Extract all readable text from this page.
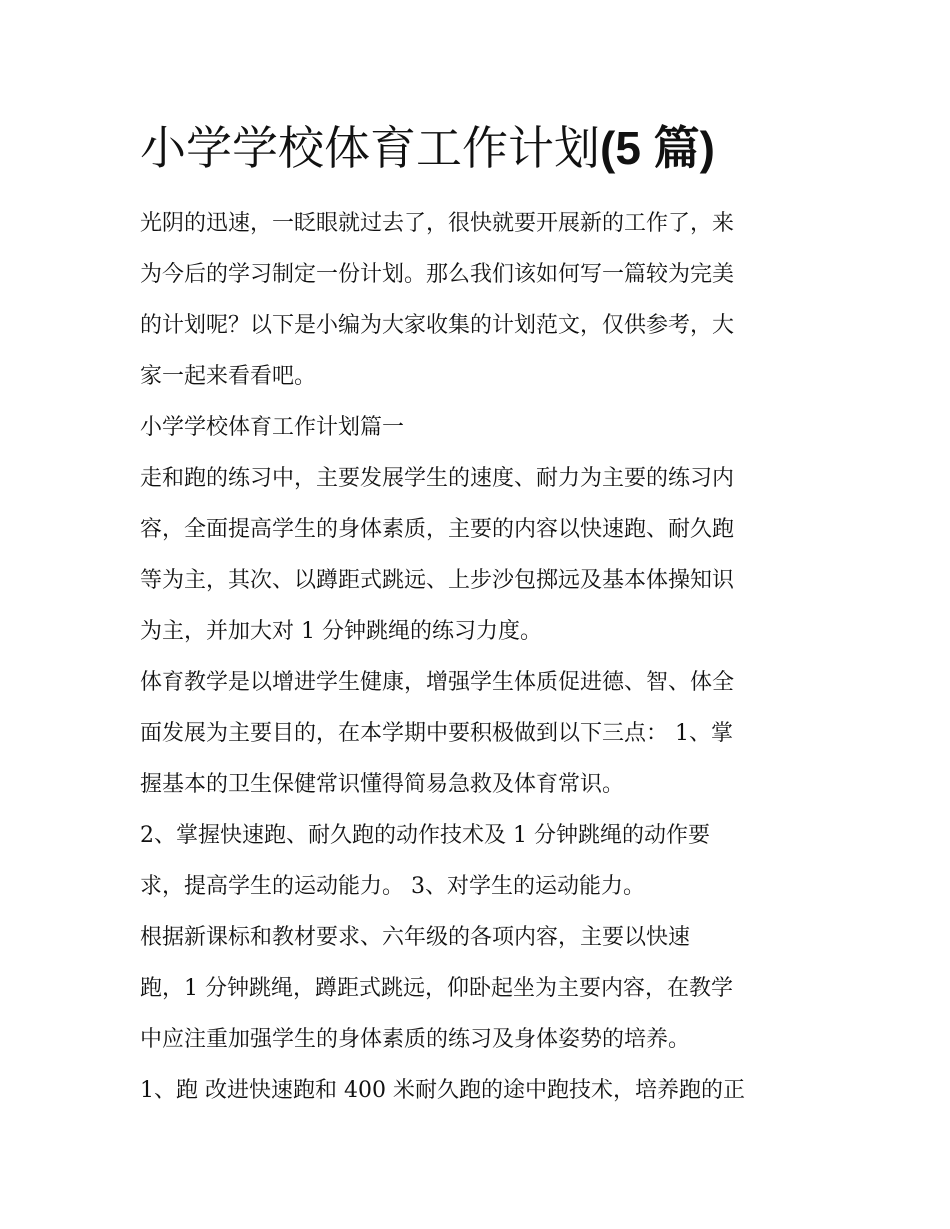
小学学校体育工作计划(5 篇)
光阴的迅速，一眨眼就过去了，很快就要开展新的工作了，来
为今后的学习制定一份计划。那么我们该如何写一篇较为完美
的计划呢？以下是小编为大家收集的计划范文，仅供参考，大
家一起来看看吧。
小学学校体育工作计划篇一
走和跑的练习中，主要发展学生的速度、耐力为主要的练习内
容，全面提高学生的身体素质，主要的内容以快速跑、耐久跑
等为主，其次、以蹲距式跳远、上步沙包掷远及基本体操知识
为主，并加大对 1 分钟跳绳的练习力度。
体育教学是以增进学生健康，增强学生体质促进德、智、体全
面发展为主要目的，在本学期中要积极做到以下三点： 1、掌
握基本的卫生保健常识懂得简易急救及体育常识。
2、掌握快速跑、耐久跑的动作技术及 1 分钟跳绳的动作要
求，提高学生的运动能力。 3、对学生的运动能力。
根据新课标和教材要求、六年级的各项内容，主要以快速
跑，1 分钟跳绳，蹲距式跳远，仰卧起坐为主要内容，在教学
中应注重加强学生的身体素质的练习及身体姿势的培养。
1、跑 改进快速跑和 400 米耐久跑的途中跑技术，培养跑的正
